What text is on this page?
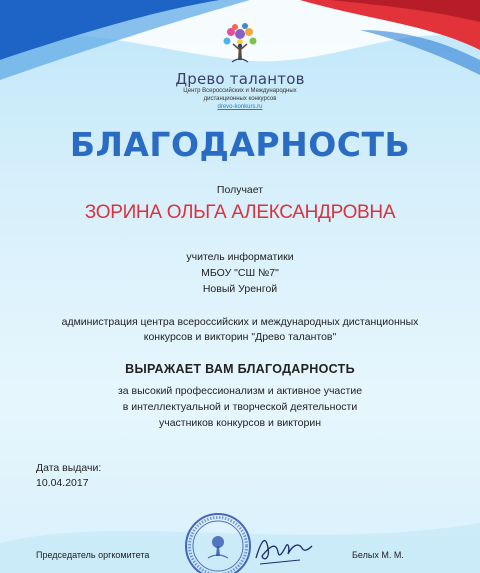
Древо талантов
Центр Всероссийских и Международных
дистанционных конкурсов
drevo-konkurs.ru
БЛАГОДАРНОСТЬ
Получает
ЗОРИНА ОЛЬГА АЛЕКСАНДРОВНА
учитель информатики
МБОУ "СШ №7"
Новый Уренгой
администрация центра всероссийских и международных дистанционных
конкурсов и викторин "Древо талантов"
ВЫРАЖАЕТ ВАМ БЛАГОДАРНОСТЬ
за высокий профессионализм и активное участие
в интеллектуальной и творческой деятельности
участников конкурсов и викторин
Дата выдачи:
10.04.2017
Председатель оргкомитета	Белых М. М.
